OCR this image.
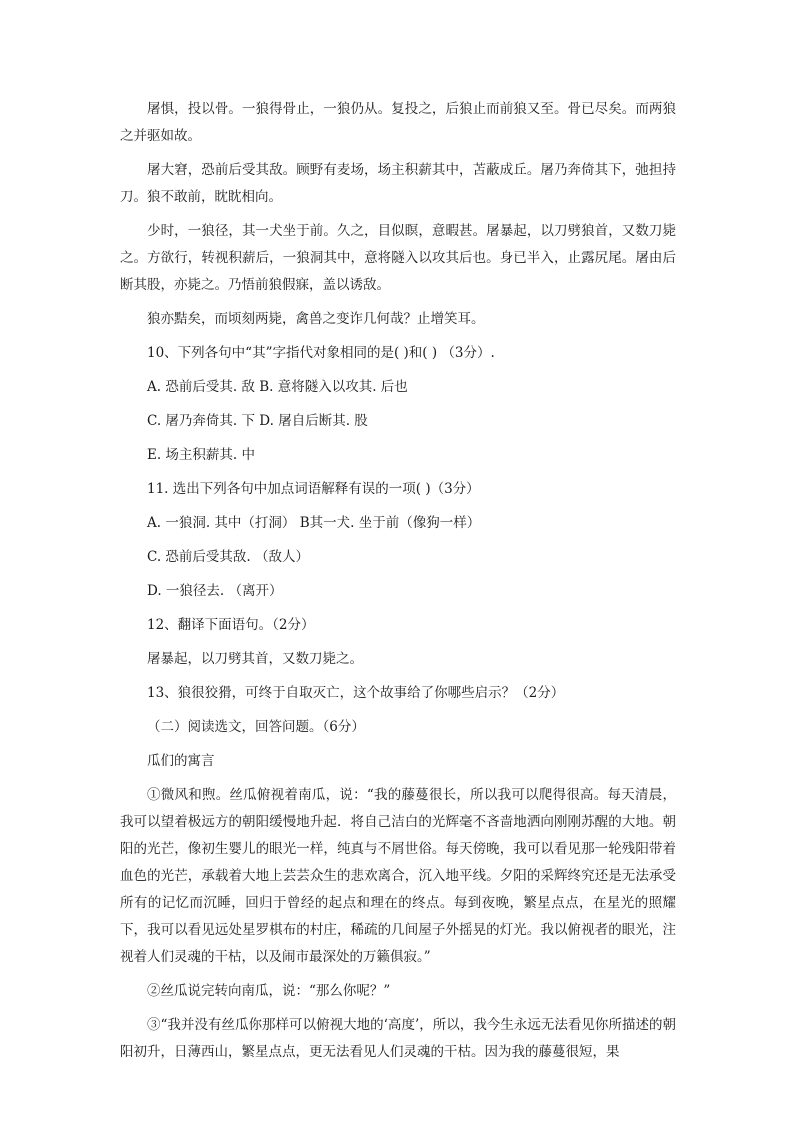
屠惧，投以骨。一狼得骨止，一狼仍从。复投之，后狼止而前狼又至。骨已尽矣。而两狼之并驱如故。

屠大窘，恐前后受其敌。顾野有麦场，场主积薪其中，苫蔽成丘。屠乃奔倚其下，弛担持刀。狼不敢前，眈眈相向。

少时，一狼径，其一犬坐于前。久之，目似瞑，意暇甚。屠暴起，以刀劈狼首，又数刀毙之。方欲行，转视积薪后，一狼洞其中，意将隧入以攻其后也。身已半入，止露尻尾。屠由后断其股，亦毙之。乃悟前狼假寐，盖以诱敌。

狼亦黠矣，而顷刻两毙，禽兽之变诈几何哉？止增笑耳。

10、下列各句中“其”字指代对象相同的是( )和( ) （3分）.

A. 恐前后受其. 敌 B. 意将隧入以攻其. 后也

C. 屠乃奔倚其. 下 D. 屠自后断其. 股

E. 场主积薪其. 中

11. 选出下列各句中加点词语解释有误的一项( )（3分）

A. 一狼洞. 其中（打洞） B其一犬. 坐于前（像狗一样）

C. 恐前后受其敌. （敌人）

D. 一狼径去. （离开）

12、翻译下面语句。（2分）

屠暴起，以刀劈其首，又数刀毙之。

13、狼很狡猾，可终于自取灭亡，这个故事给了你哪些启示？（2分）

（二）阅读选文，回答问题。（6分）

瓜们的寓言

①微风和煦。丝瓜俯视着南瓜，说：“我的藤蔓很长，所以我可以爬得很高。每天清晨，我可以望着极远方的朝阳缓慢地升起．将自己洁白的光辉毫不吝啬地洒向刚刚苏醒的大地。朝阳的光芒，像初生婴儿的眼光一样，纯真与不屑世俗。每天傍晚，我可以看见那一轮残阳带着血色的光芒，承载着大地上芸芸众生的悲欢离合，沉入地平线。夕阳的采辉终究还是无法承受所有的记忆而沉睡，回归于曾经的起点和理在的终点。每到夜晚，繁星点点，在星光的照耀下，我可以看见远处星罗棋布的村庄，稀疏的几间屋子外摇晃的灯光。我以俯视者的眼光，注视着人们灵魂的干枯，以及闹市最深处的万籁俱寂。”

②丝瓜说完转向南瓜，说：“那么你呢？”

③“我并没有丝瓜你那样可以俯视大地的‘高度’，所以，我今生永远无法看见你所描述的朝阳初升，日薄西山，繁星点点，更无法看见人们灵魂的干枯。因为我的藤蔓很短，果
